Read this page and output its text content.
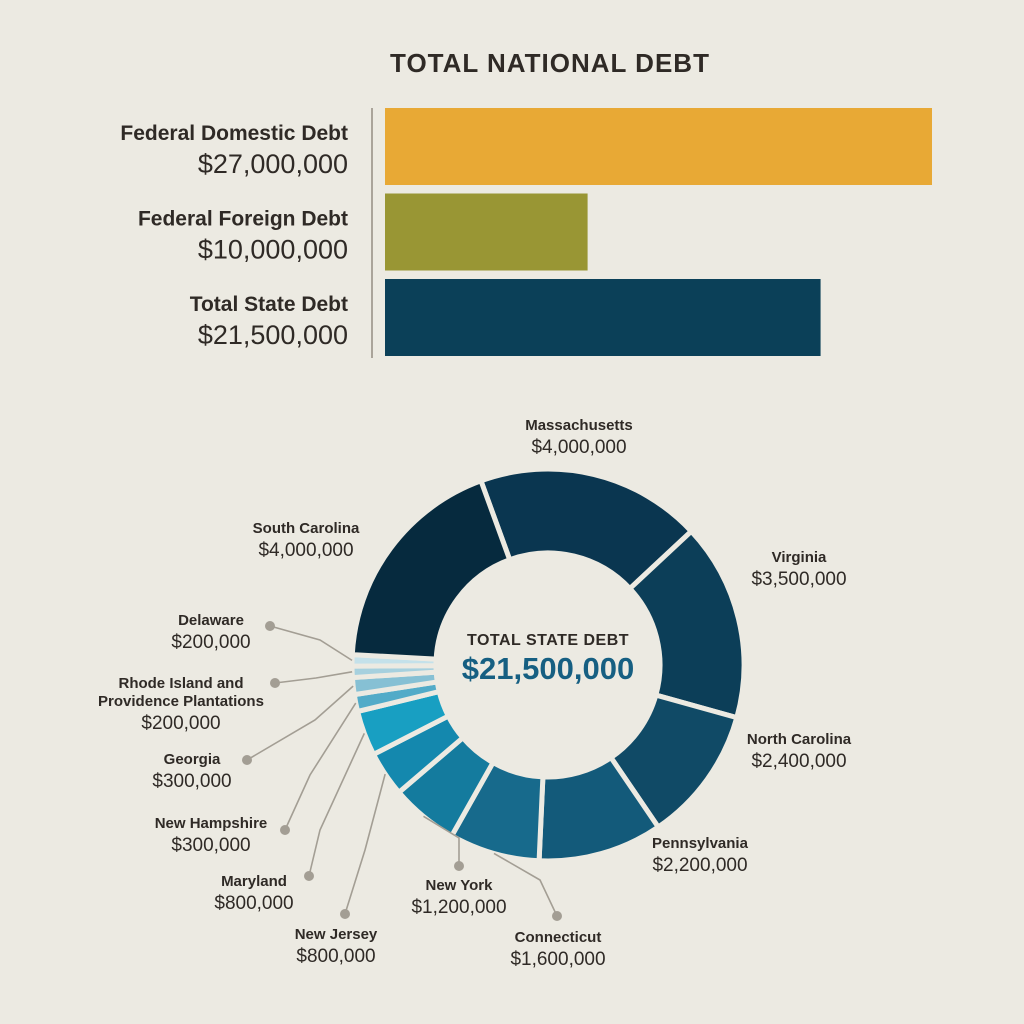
TOTAL NATIONAL DEBT
Federal Domestic Debt
$27,000,000
Federal Foreign Debt
$10,000,000
Total State Debt
$21,500,000
Massachusetts
$4,000,000
Virginia
$3,500,000
North Carolina
$2,400,000
Pennsylvania
$2,200,000
Connecticut
$1,600,000
New York
$1,200,000
New Jersey
$800,000
Maryland
$800,000
New Hampshire
$300,000
Georgia
$300,000
Rhode Island and
Providence Plantations
$200,000
Delaware
$200,000
South Carolina
$4,000,000
TOTAL STATE DEBT
$21,500,000
